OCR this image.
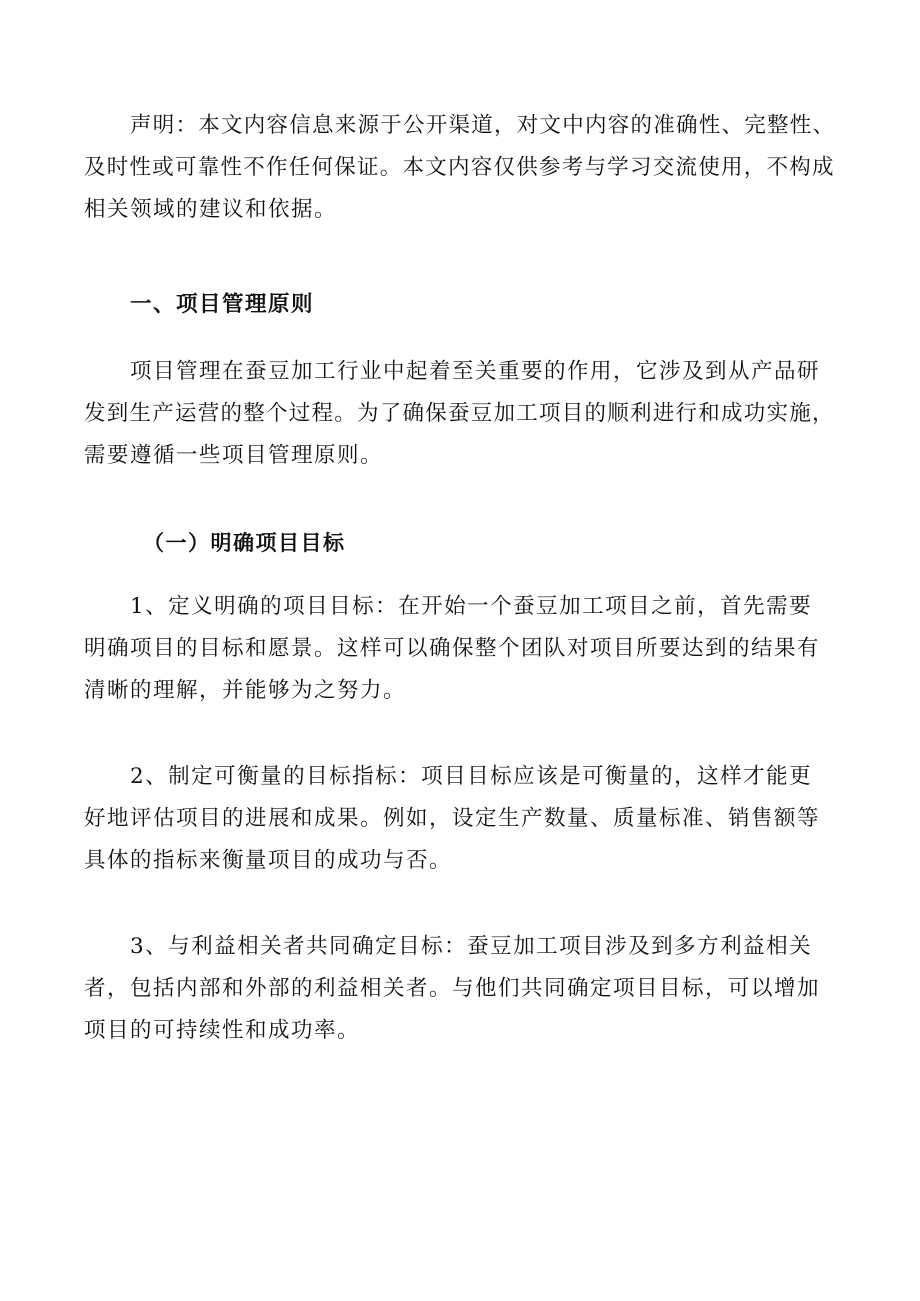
声明：本文内容信息来源于公开渠道，对文中内容的准确性、完整性、
及时性或可靠性不作任何保证。本文内容仅供参考与学习交流使用，不构成
相关领域的建议和依据。

一、项目管理原则

项目管理在蚕豆加工行业中起着至关重要的作用，它涉及到从产品研
发到生产运营的整个过程。为了确保蚕豆加工项目的顺利进行和成功实施，
需要遵循一些项目管理原则。

（一）明确项目目标

1、定义明确的项目目标：在开始一个蚕豆加工项目之前，首先需要
明确项目的目标和愿景。这样可以确保整个团队对项目所要达到的结果有
清晰的理解，并能够为之努力。

2、制定可衡量的目标指标：项目目标应该是可衡量的，这样才能更
好地评估项目的进展和成果。例如，设定生产数量、质量标准、销售额等
具体的指标来衡量项目的成功与否。

3、与利益相关者共同确定目标：蚕豆加工项目涉及到多方利益相关
者，包括内部和外部的利益相关者。与他们共同确定项目目标，可以增加
项目的可持续性和成功率。
